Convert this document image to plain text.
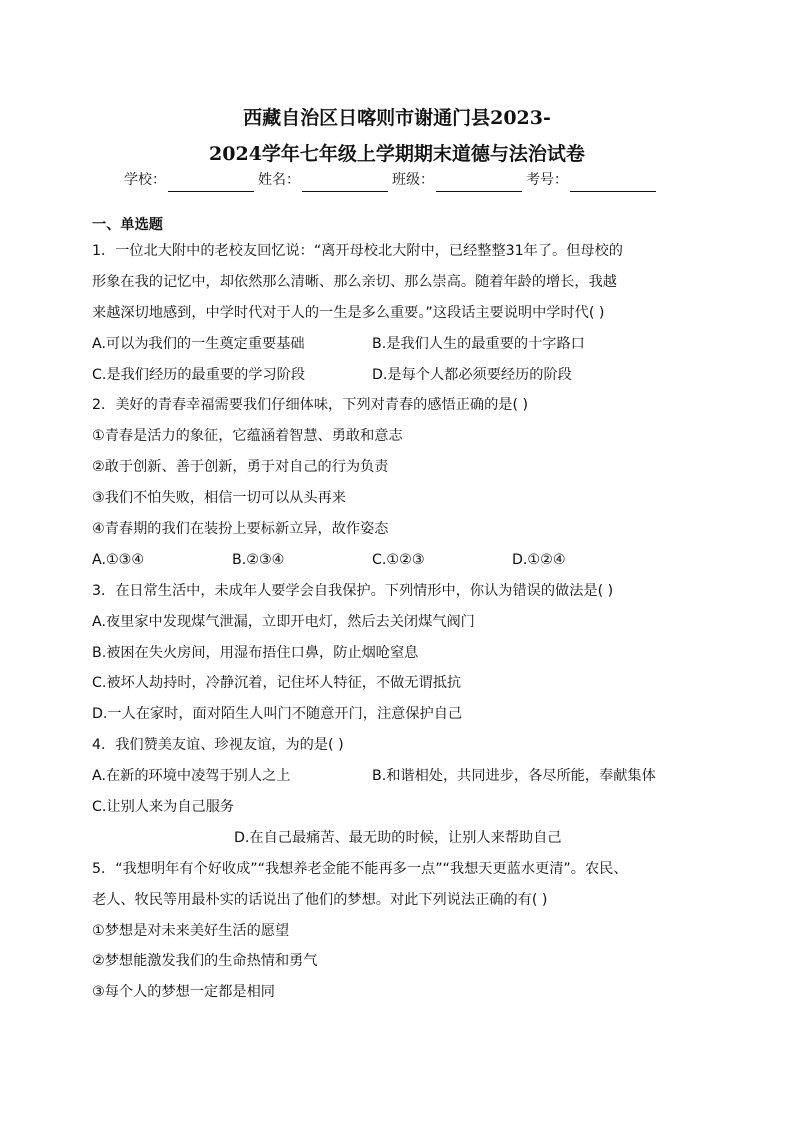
西藏自治区日喀则市谢通门县2023-

2024学年七年级上学期期末道德与法治试卷

学校：	姓名：	班级：	考号：
一、单选题
1．一位北大附中的老校友回忆说：“离开母校北大附中，已经整整31年了。但母校的
形象在我的记忆中，却依然那么清晰、那么亲切、那么崇高。随着年龄的增长，我越
来越深切地感到，中学时代对于人的一生是多么重要。”这段话主要说明中学时代( )
A.可以为我们的一生奠定重要基础	B.是我们人生的最重要的十字路口
C.是我们经历的最重要的学习阶段	D.是每个人都必须要经历的阶段
2．美好的青春幸福需要我们仔细体味，下列对青春的感悟正确的是( )
①青春是活力的象征，它蕴涵着智慧、勇敢和意志
②敢于创新、善于创新，勇于对自己的行为负责
③我们不怕失败，相信一切可以从头再来
④青春期的我们在装扮上要标新立异，故作姿态
A.①③④	B.②③④	C.①②③	D.①②④
3．在日常生活中，未成年人要学会自我保护。下列情形中，你认为错误的做法是( )
A.夜里家中发现煤气泄漏，立即开电灯，然后去关闭煤气阀门
B.被困在失火房间，用湿布捂住口鼻，防止烟呛窒息
C.被坏人劫持时，冷静沉着，记住坏人特征，不做无谓抵抗
D.一人在家时，面对陌生人叫门不随意开门，注意保护自己
4．我们赞美友谊、珍视友谊，为的是( )
A.在新的环境中凌驾于别人之上	B.和谐相处，共同进步，各尽所能，奉献集体
C.让别人来为自己服务
D.在自己最痛苦、最无助的时候，让别人来帮助自己
5．“我想明年有个好收成”“我想养老金能不能再多一点”“我想天更蓝水更清”。农民、
老人、牧民等用最朴实的话说出了他们的梦想。对此下列说法正确的有( )
①梦想是对未来美好生活的愿望
②梦想能激发我们的生命热情和勇气
③每个人的梦想一定都是相同
